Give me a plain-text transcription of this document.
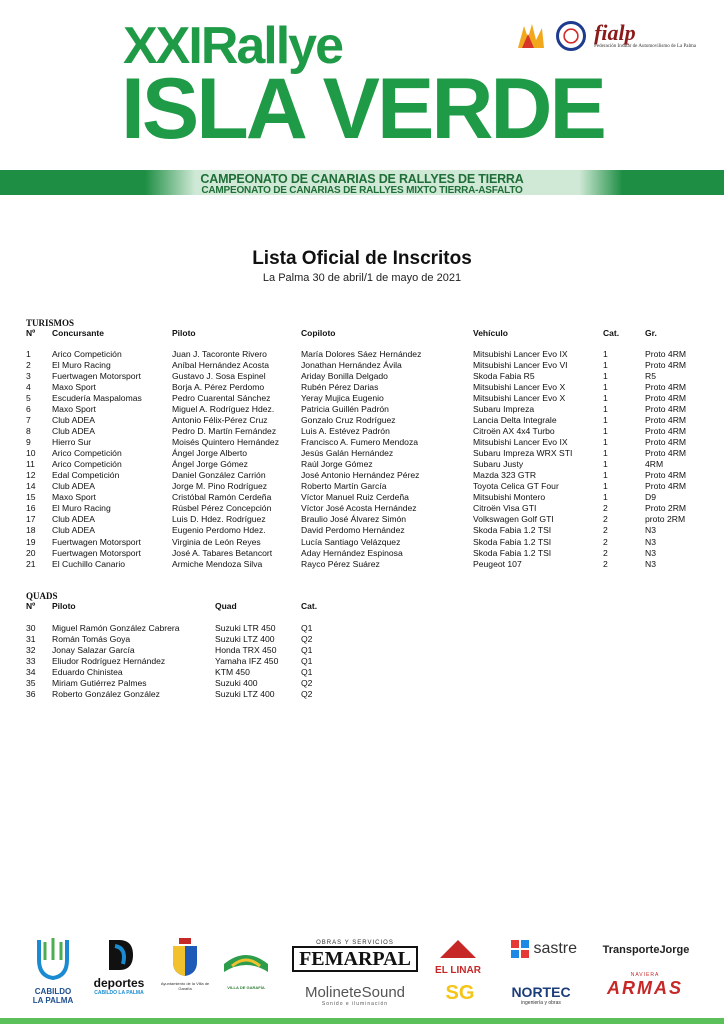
XXIRallye
ISLA VERDE
fialp
Federación Insular de Automovilismo de La Palma
CAMPEONATO DE CANARIAS DE RALLYES DE TIERRA
CAMPEONATO DE CANARIAS DE RALLYES MIXTO TIERRA-ASFALTO
Lista Oficial de Inscritos
La Palma 30 de abril/1 de mayo de 2021
TURISMOS
Nº Concursante	Piloto	Copiloto	Vehículo	Cat.	Gr.
1 Arico Competición	Juan J. Tacoronte Rivero	María Dolores Sáez Hernández	Mitsubishi Lancer Evo IX	1	Proto 4RM
2 El Muro Racing	Aníbal Hernández Acosta	Jonathan Hernández Ávila	Mitsubishi Lancer Evo VI	1	Proto 4RM
3 Fuertwagen Motorsport	Gustavo J. Sosa Espinel	Ariday Bonilla Delgado	Skoda Fabia R5	1	R5
4 Maxo Sport	Borja A. Pérez Perdomo	Rubén Pérez Darias	Mitsubishi Lancer Evo X	1	Proto 4RM
5 Escudería Maspalomas	Pedro Cuarental Sánchez	Yeray Mujica Eugenio	Mitsubishi Lancer Evo X	1	Proto 4RM
6 Maxo Sport	Miguel A. Rodríguez Hdez.	Patricia Guillén Padrón	Subaru Impreza	1	Proto 4RM
7 Club ADEA	Antonio Félix-Pérez Cruz	Gonzalo Cruz Rodríguez	Lancia Delta Integrale	1	Proto 4RM
8 Club ADEA	Pedro D. Martín Fernández	Luis A. Estévez Padrón	Citroën AX 4x4 Turbo	1	Proto 4RM
9 Hierro Sur	Moisés Quintero Hernández	Francisco A. Fumero Mendoza	Mitsubishi Lancer Evo IX	1	Proto 4RM
10 Arico Competición	Ángel Jorge Alberto	Jesús Galán Hernández	Subaru Impreza WRX STI	1	Proto 4RM
11 Arico Competición	Ángel Jorge Gómez	Raúl Jorge Gómez	Subaru Justy	1	4RM
12 Edal Competición	Daniel González Carrión	José Antonio Hernández Pérez	Mazda 323 GTR	1	Proto 4RM
14 Club ADEA	Jorge M. Pino Rodríguez	Roberto Martín García	Toyota Celica GT Four	1	Proto 4RM
15 Maxo Sport	Cristóbal Ramón Cerdeña	Víctor Manuel Ruiz Cerdeña	Mitsubishi Montero	1	D9
16 El Muro Racing	Rúsbel Pérez Concepción	Víctor José Acosta Hernández	Citroën Visa GTI	2	Proto 2RM
17 Club ADEA	Luis D. Hdez. Rodríguez	Braulio José Álvarez Simón	Volkswagen Golf GTI	2	proto 2RM
18 Club ADEA	Eugenio Perdomo Hdez.	David Perdomo Hernández	Skoda Fabia 1.2 TSI	2	N3
19 Fuertwagen Motorsport	Virginia de León Reyes	Lucía Santiago Velázquez	Skoda Fabia 1.2 TSI	2	N3
20 Fuertwagen Motorsport	José A. Tabares Betancort	Aday Hernández Espinosa	Skoda Fabia 1.2 TSI	2	N3
21 El Cuchillo Canario	Armiche Mendoza Silva	Rayco Pérez Suárez	Peugeot 107	2	N3
QUADS
Nº Piloto	Quad	Cat.
30 Miguel Ramón González Cabrera	Suzuki LTR 450	Q1
31 Román Tomás Goya	Suzuki LTZ 400	Q2
32 Jonay Salazar García	Honda TRX 450	Q1
33 Eliudor Rodríguez Hernández	Yamaha IFZ 450	Q1
34 Eduardo Chinistea	KTM 450	Q1
35 Miriam Gutiérrez Palmes	Suzuki 400	Q2
36 Roberto González González	Suzuki LTZ 400	Q2
CABILDO
LA PALMA
deportes
CABILDO LA PALMA
Ayuntamiento de la Villa de Garafía	VILLA DE GARAFÍA
OBRAS Y SERVICIOS
FEMARPAL
MolineteSound
Sonido e iluminación
EL LINAR
SG
sastre
NORTEC
ingeniería y obras
TransporteJorge
NAVIERA
ARMAS
